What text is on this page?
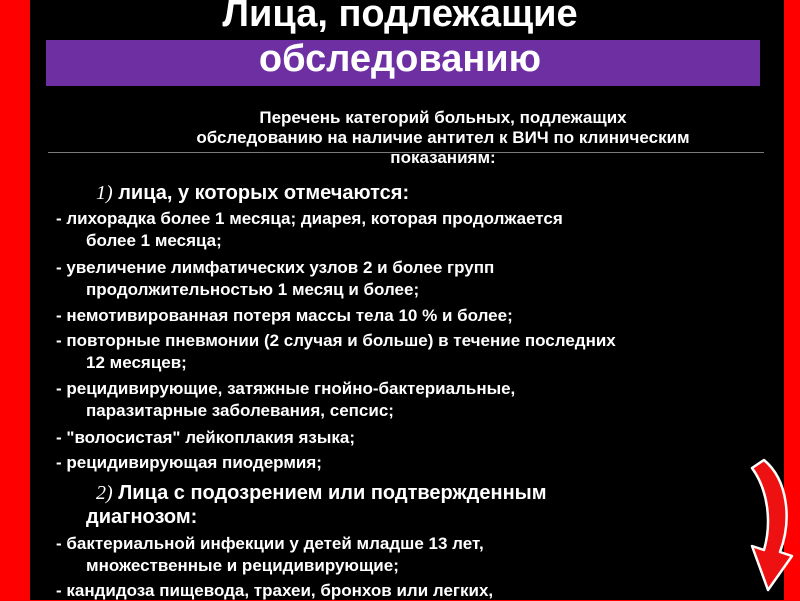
Лица, подлежащие
обследованию
Перечень категорий больных, подлежащих
обследованию на наличие антител к ВИЧ по клиническим
показаниям:
1) лица, у которых отмечаются:
- лихорадка более 1 месяца; диарея, которая продолжается
более 1 месяца;
- увеличение лимфатических узлов 2 и более групп
продолжительностью 1 месяц и более;
- немотивированная потеря массы тела 10 % и более;
- повторные пневмонии (2 случая и больше) в течение последних
12 месяцев;
- рецидивирующие, затяжные гнойно-бактериальные,
паразитарные заболевания, сепсис;
- "волосистая" лейкоплакия языка;
- рецидивирующая пиодермия;
2) Лица с подозрением или подтвержденным
диагнозом:
- бактериальной инфекции у детей младше 13 лет,
множественные и рецидивирующие;
- кандидоза пищевода, трахеи, бронхов или легких,
